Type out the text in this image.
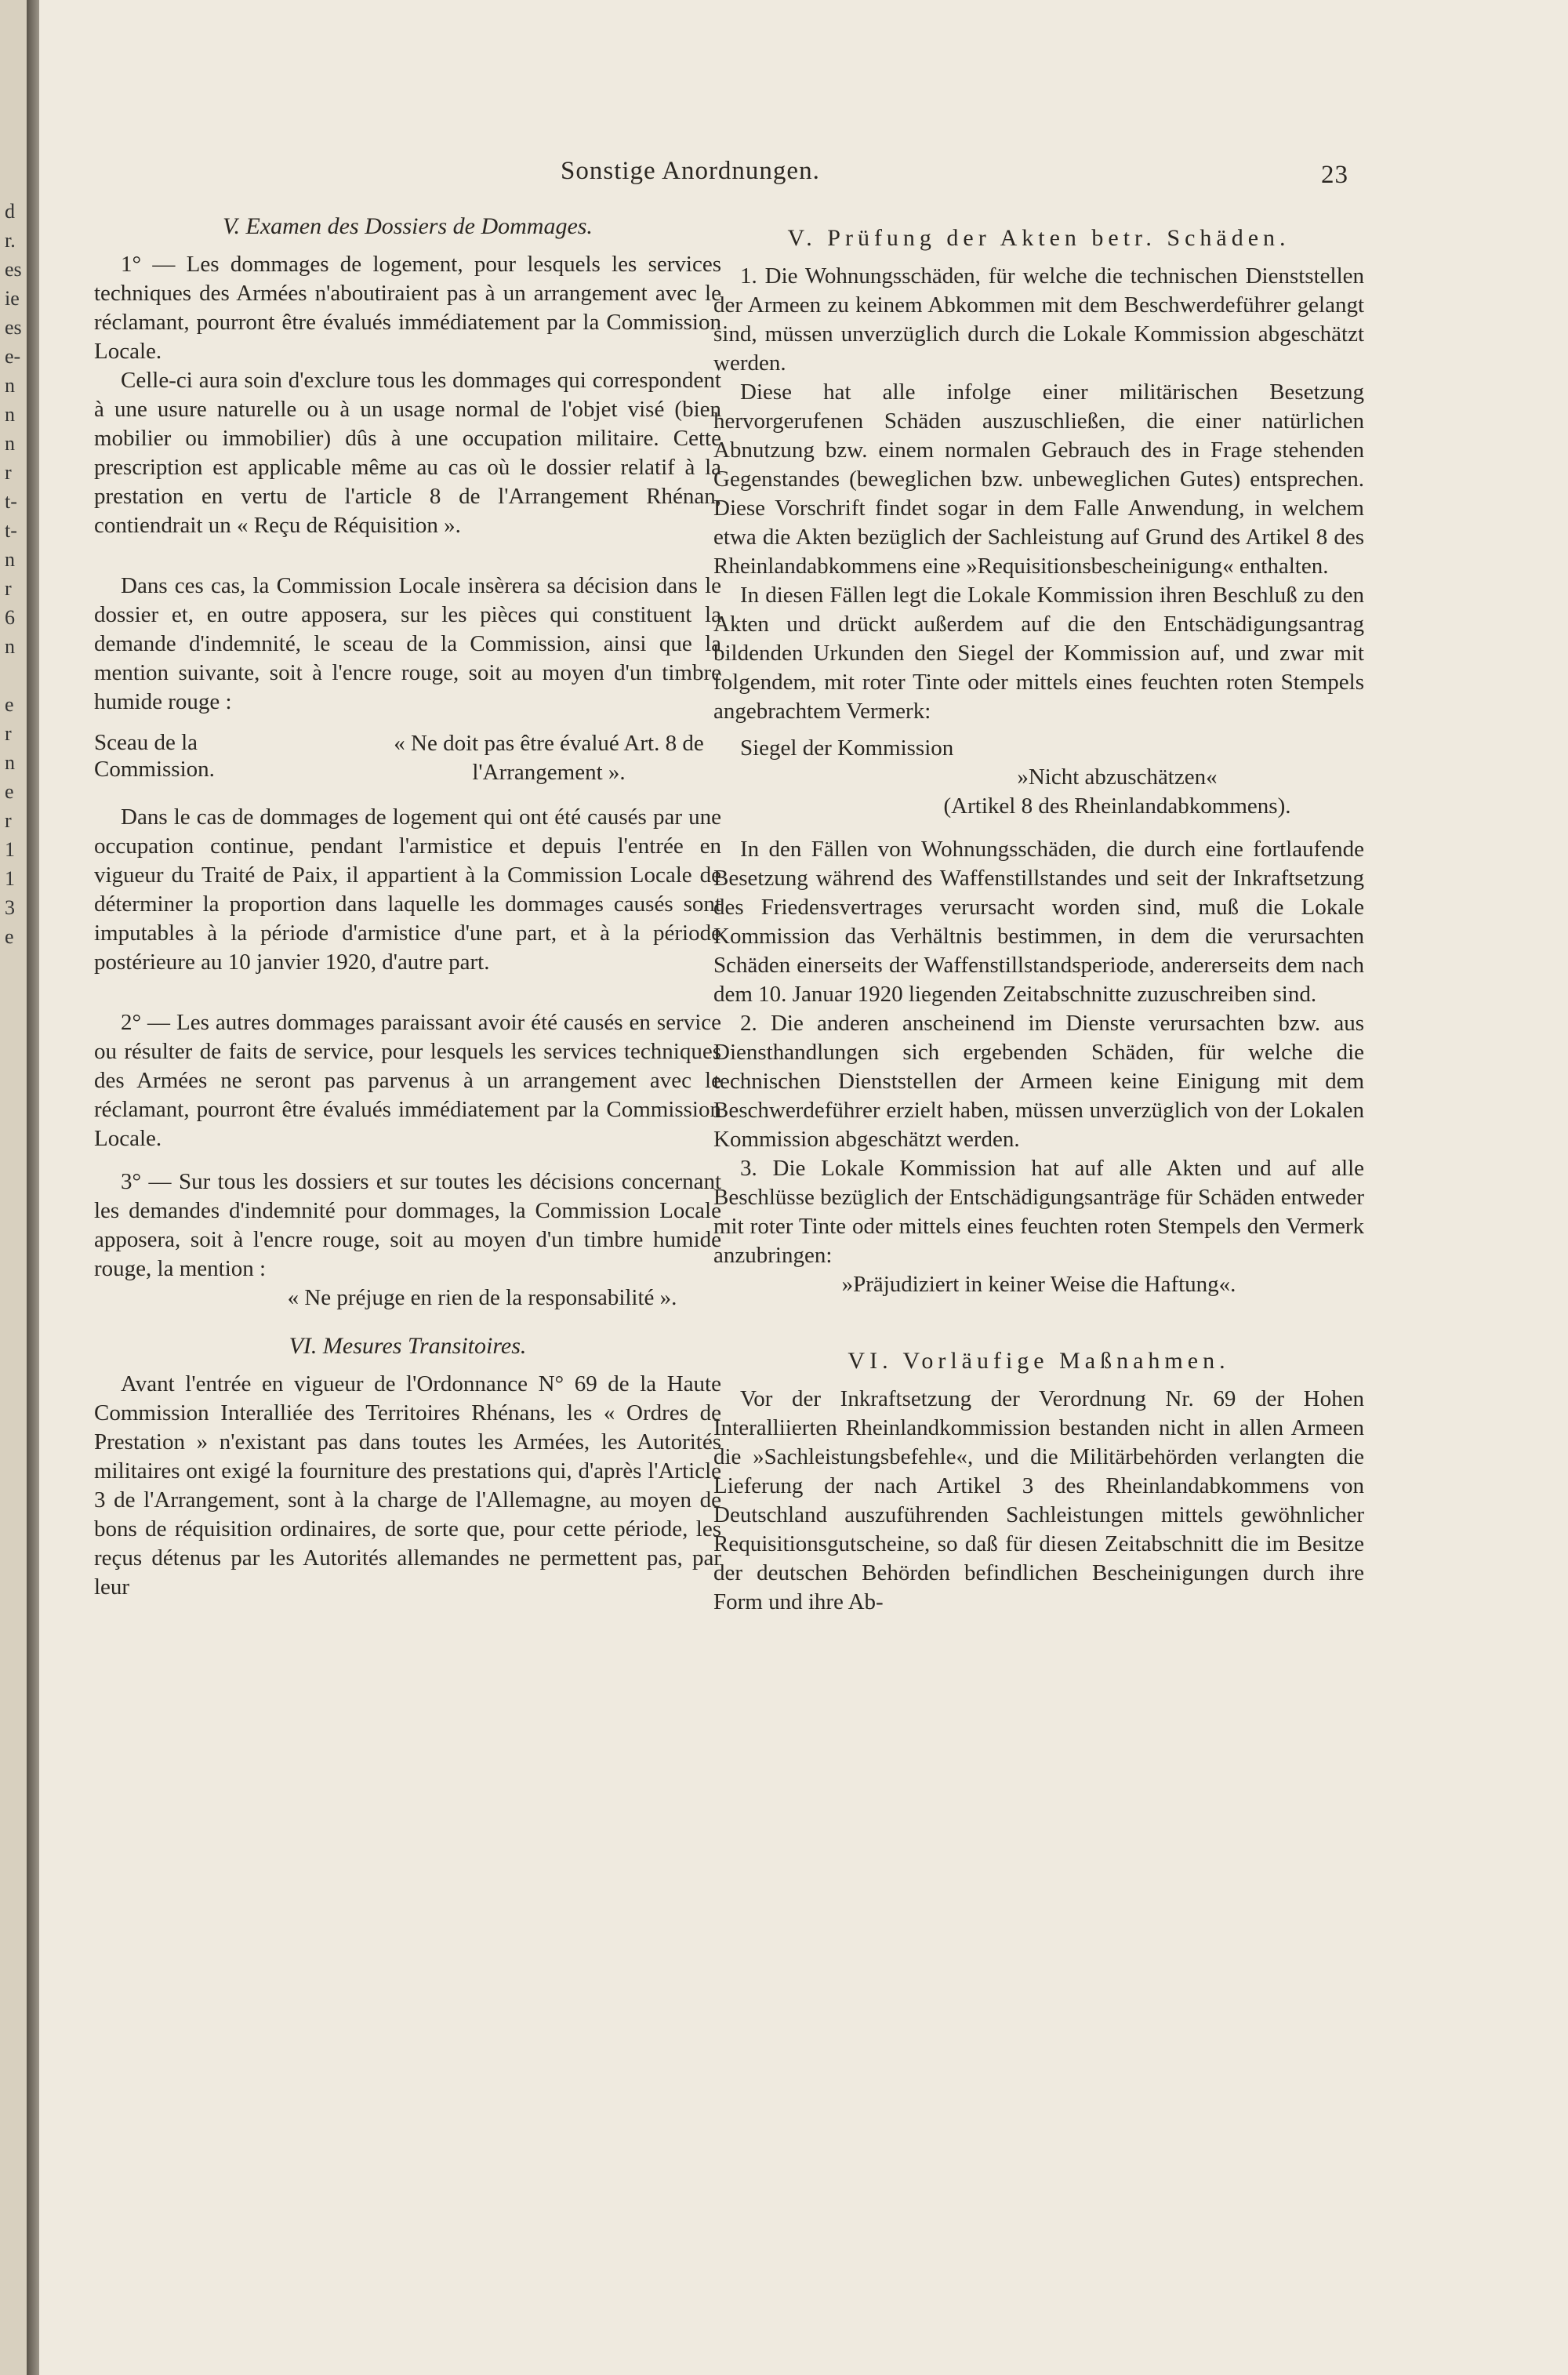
d
r.
es
ie
es
e-
n
n
n
r
t-
t-
n
r
6
n
e
r
n
e
r
1
1
3
e
Sonstige Anordnungen.	23

V. Examen des Dossiers de Dommages.

1° — Les dommages de logement, pour lesquels les services techniques des Armées n'aboutiraient pas à un arrangement avec le réclamant, pourront être évalués immédiatement par la Commission Locale.

Celle-ci aura soin d'exclure tous les dommages qui correspondent à une usure naturelle ou à un usage normal de l'objet visé (bien mobilier ou immobilier) dûs à une occupation militaire. Cette prescription est applicable même au cas où le dossier relatif à la prestation en vertu de l'article 8 de l'Arrangement Rhénan, contiendrait un « Reçu de Réquisition ».

Dans ces cas, la Commission Locale insèrera sa décision dans le dossier et, en outre apposera, sur les pièces qui constituent la demande d'indemnité, le sceau de la Commission, ainsi que la mention suivante, soit à l'encre rouge, soit au moyen d'un timbre humide rouge :

Sceau de la Commission.
« Ne doit pas être évalué Art. 8 de l'Arrangement ».

Dans le cas de dommages de logement qui ont été causés par une occupation continue, pendant l'armistice et depuis l'entrée en vigueur du Traité de Paix, il appartient à la Commission Locale de déterminer la proportion dans laquelle les dommages causés sont imputables à la période d'armistice d'une part, et à la période postérieure au 10 janvier 1920, d'autre part.

2° — Les autres dommages paraissant avoir été causés en service ou résulter de faits de service, pour lesquels les services techniques des Armées ne seront pas parvenus à un arrangement avec le réclamant, pourront être évalués immédiatement par la Commission Locale.

3° — Sur tous les dossiers et sur toutes les décisions concernant les demandes d'indemnité pour dommages, la Commission Locale apposera, soit à l'encre rouge, soit au moyen d'un timbre humide rouge, la mention :

« Ne préjuge en rien de la responsabilité ».

VI. Mesures Transitoires.

Avant l'entrée en vigueur de l'Ordonnance N° 69 de la Haute Commission Interalliée des Territoires Rhénans, les « Ordres de Prestation » n'existant pas dans toutes les Armées, les Autorités militaires ont exigé la fourniture des prestations qui, d'après l'Article 3 de l'Arrangement, sont à la charge de l'Allemagne, au moyen de bons de réquisition ordinaires, de sorte que, pour cette période, les reçus détenus par les Autorités allemandes ne permettent pas, par leur

V. Prüfung der Akten betr. Schäden.

1. Die Wohnungsschäden, für welche die technischen Dienststellen der Armeen zu keinem Abkommen mit dem Beschwerdeführer gelangt sind, müssen unverzüglich durch die Lokale Kommission abgeschätzt werden.

Diese hat alle infolge einer militärischen Besetzung hervorgerufenen Schäden auszuschließen, die einer natürlichen Abnutzung bzw. einem normalen Gebrauch des in Frage stehenden Gegenstandes (beweglichen bzw. unbeweglichen Gutes) entsprechen. Diese Vorschrift findet sogar in dem Falle Anwendung, in welchem etwa die Akten bezüglich der Sachleistung auf Grund des Artikel 8 des Rheinlandabkommens eine »Requisitionsbescheinigung« enthalten.

In diesen Fällen legt die Lokale Kommission ihren Beschluß zu den Akten und drückt außerdem auf die den Entschädigungsantrag bildenden Urkunden den Siegel der Kommission auf, und zwar mit folgendem, mit roter Tinte oder mittels eines feuchten roten Stempels angebrachtem Vermerk:

Siegel der Kommission
»Nicht abzuschätzen«
(Artikel 8 des Rheinlandabkommens).

In den Fällen von Wohnungsschäden, die durch eine fortlaufende Besetzung während des Waffenstillstandes und seit der Inkraftsetzung des Friedensvertrages verursacht worden sind, muß die Lokale Kommission das Verhältnis bestimmen, in dem die verursachten Schäden einerseits der Waffenstillstandsperiode, andererseits dem nach dem 10. Januar 1920 liegenden Zeitabschnitte zuzuschreiben sind.

2. Die anderen anscheinend im Dienste verursachten bzw. aus Diensthandlungen sich ergebenden Schäden, für welche die technischen Dienststellen der Armeen keine Einigung mit dem Beschwerdeführer erzielt haben, müssen unverzüglich von der Lokalen Kommission abgeschätzt werden.

3. Die Lokale Kommission hat auf alle Akten und auf alle Beschlüsse bezüglich der Entschädigungsanträge für Schäden entweder mit roter Tinte oder mittels eines feuchten roten Stempels den Vermerk anzubringen:

»Präjudiziert in keiner Weise die Haftung«.

VI. Vorläufige Maßnahmen.

Vor der Inkraftsetzung der Verordnung Nr. 69 der Hohen Interalliierten Rheinlandkommission bestanden nicht in allen Armeen die »Sachleistungsbefehle«, und die Militärbehörden verlangten die Lieferung der nach Artikel 3 des Rheinlandabkommens von Deutschland auszuführenden Sachleistungen mittels gewöhnlicher Requisitionsgutscheine, so daß für diesen Zeitabschnitt die im Besitze der deutschen Behörden befindlichen Bescheinigungen durch ihre Form und ihre Ab-
